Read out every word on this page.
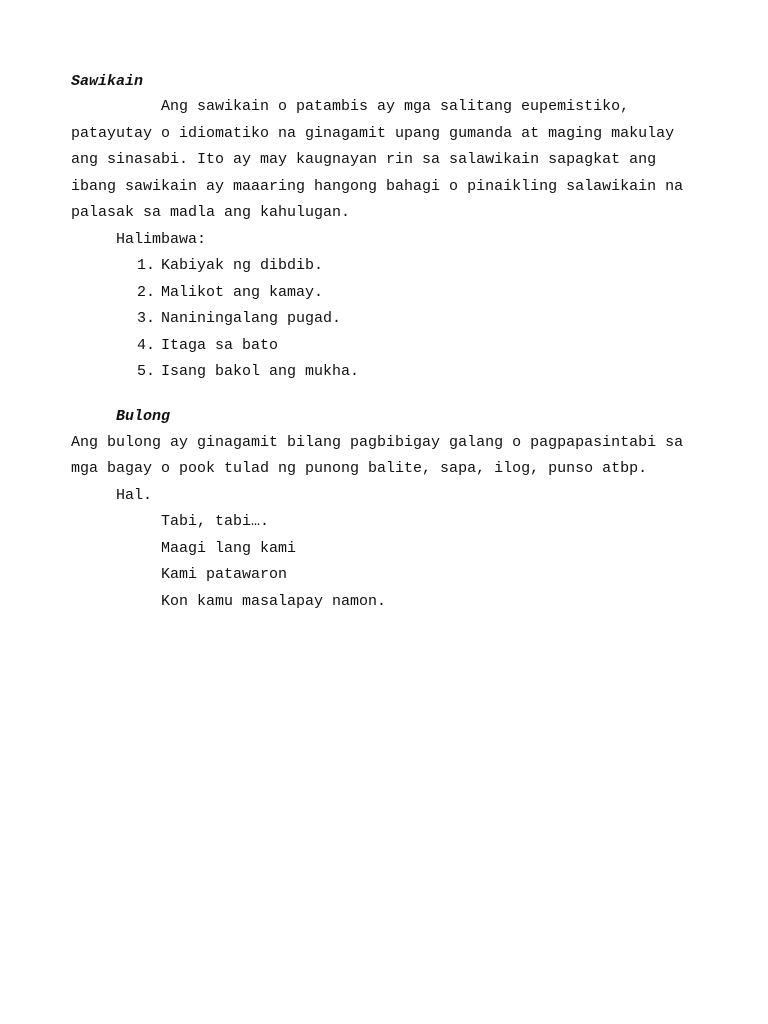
Sawikain

Ang sawikain o patambis ay mga salitang eupemistiko, patayutay o idiomatiko na ginagamit upang gumanda at maging makulay ang sinasabi. Ito ay may kaugnayan rin sa salawikain sapagkat ang ibang sawikain ay maaaring hangong bahagi o pinaikling salawikain na palasak sa madla ang kahulugan.

Halimbawa:
1. Kabiyak ng dibdib.
2. Malikot ang kamay.
3. Naniningalang pugad.
4. Itaga sa bato
5. Isang bakol ang mukha.
Bulong

Ang bulong ay ginagamit bilang pagbibigay galang o pagpapasintabi sa mga bagay o pook tulad ng punong balite, sapa, ilog, punso atbp.

Hal.
Tabi, tabi….
Maagi lang kami
Kami patawaron
Kon kamu masalapay namon.
